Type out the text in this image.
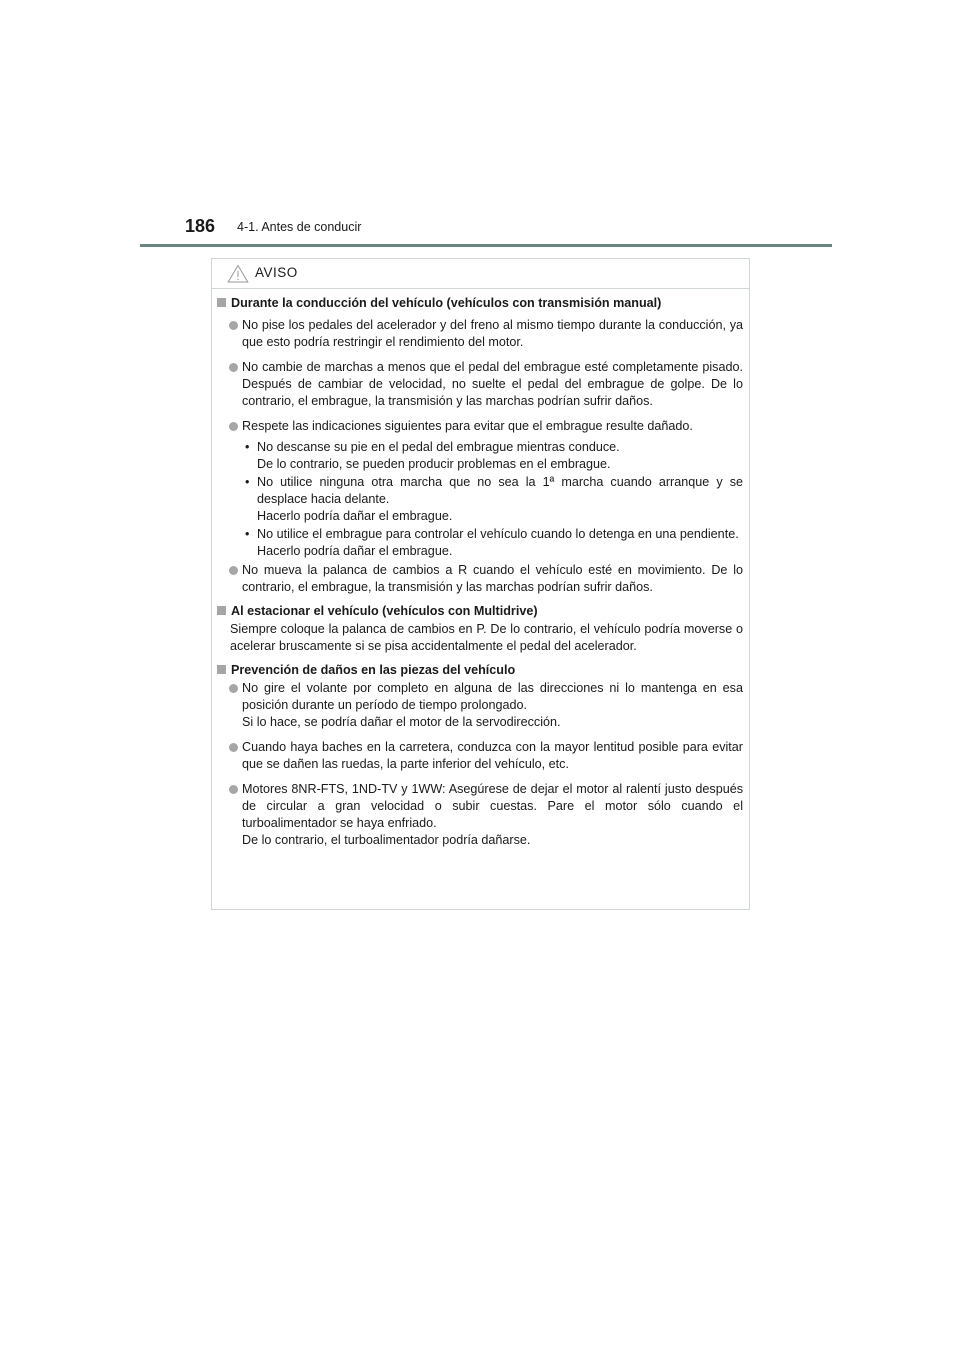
186 4-1. Antes de conducir
AVISO
Durante la conducción del vehículo (vehículos con transmisión manual)
No pise los pedales del acelerador y del freno al mismo tiempo durante la conducción, ya que esto podría restringir el rendimiento del motor.
No cambie de marchas a menos que el pedal del embrague esté completamente pisado. Después de cambiar de velocidad, no suelte el pedal del embrague de golpe. De lo contrario, el embrague, la transmisión y las marchas podrían sufrir daños.
Respete las indicaciones siguientes para evitar que el embrague resulte dañado.
• No descanse su pie en el pedal del embrague mientras conduce.
De lo contrario, se pueden producir problemas en el embrague.
• No utilice ninguna otra marcha que no sea la 1ª marcha cuando arranque y se desplace hacia delante.
Hacerlo podría dañar el embrague.
• No utilice el embrague para controlar el vehículo cuando lo detenga en una pendiente.
Hacerlo podría dañar el embrague.
No mueva la palanca de cambios a R cuando el vehículo esté en movimiento. De lo contrario, el embrague, la transmisión y las marchas podrían sufrir daños.
Al estacionar el vehículo (vehículos con Multidrive)
Siempre coloque la palanca de cambios en P. De lo contrario, el vehículo podría moverse o acelerar bruscamente si se pisa accidentalmente el pedal del acelerador.
Prevención de daños en las piezas del vehículo
No gire el volante por completo en alguna de las direcciones ni lo mantenga en esa posición durante un período de tiempo prolongado.
Si lo hace, se podría dañar el motor de la servodirección.
Cuando haya baches en la carretera, conduzca con la mayor lentitud posible para evitar que se dañen las ruedas, la parte inferior del vehículo, etc.
Motores 8NR-FTS, 1ND-TV y 1WW: Asegúrese de dejar el motor al ralentí justo después de circular a gran velocidad o subir cuestas. Pare el motor sólo cuando el turboalimentador se haya enfriado.
De lo contrario, el turboalimentador podría dañarse.
